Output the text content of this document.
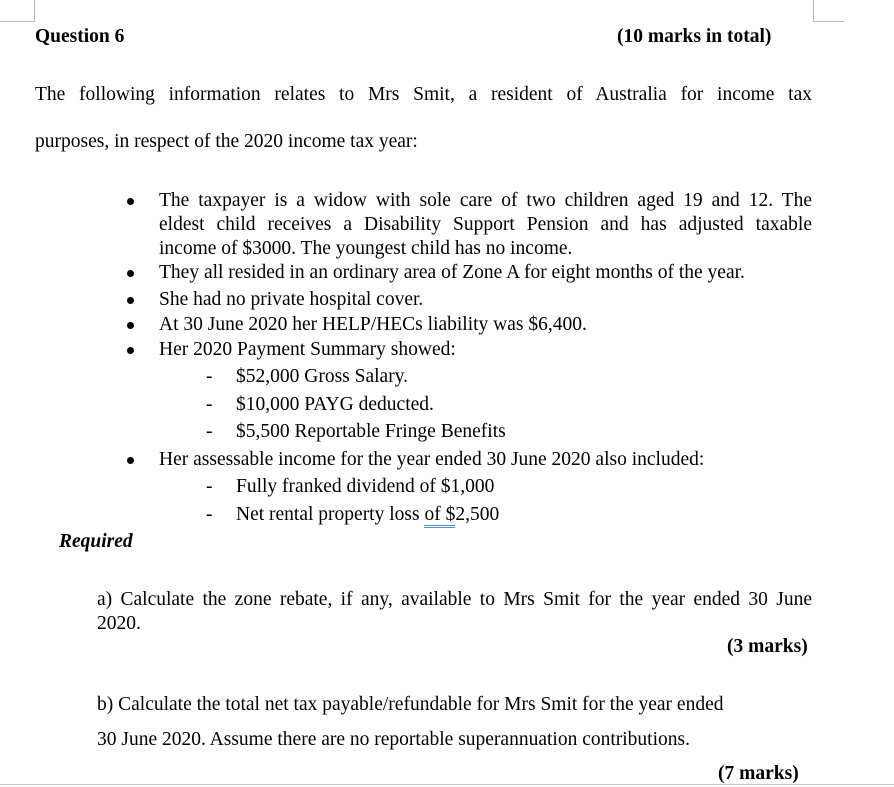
Question 6	(10 marks in total)
The following information relates to Mrs Smit, a resident of Australia for income tax
purposes, in respect of the 2020 income tax year:
The taxpayer is a widow with sole care of two children aged 19 and 12. The
eldest child receives a Disability Support Pension and has adjusted taxable
income of $3000. The youngest child has no income.
They all resided in an ordinary area of Zone A for eight months of the year.
She had no private hospital cover.
At 30 June 2020 her HELP/HECs liability was $6,400.
Her 2020 Payment Summary showed:
- $52,000 Gross Salary.
- $10,000 PAYG deducted.
- $5,500 Reportable Fringe Benefits
Her assessable income for the year ended 30 June 2020 also included:
- Fully franked dividend of $1,000
- Net rental property loss of $2,500
Required
a) Calculate the zone rebate, if any, available to Mrs Smit for the year ended 30 June
2020.
(3 marks)
b) Calculate the total net tax payable/refundable for Mrs Smit for the year ended
30 June 2020. Assume there are no reportable superannuation contributions.
(7 marks)
